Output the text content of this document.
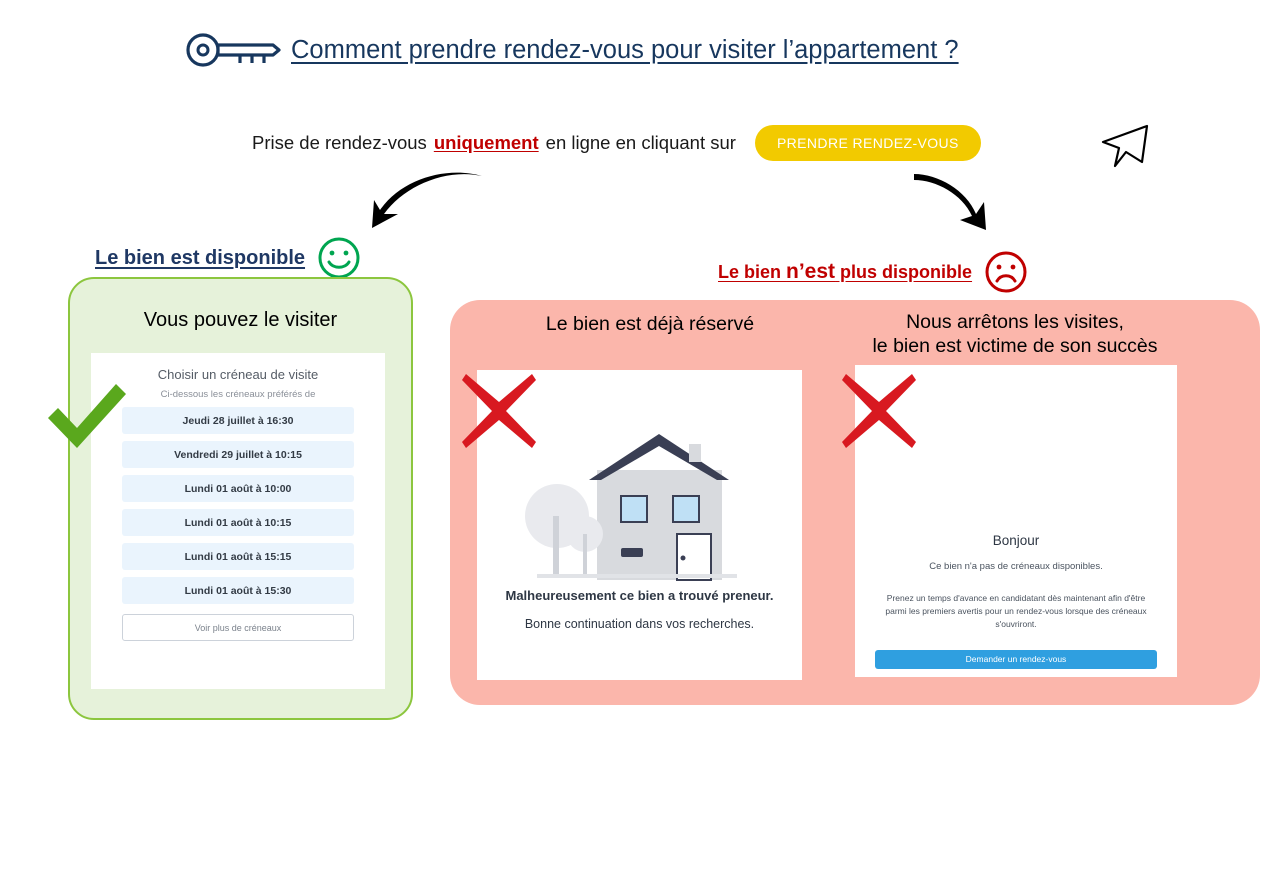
Comment prendre rendez-vous pour visiter l’appartement ?
Prise de rendez-vous uniquement en ligne en cliquant sur	PRENDRE RENDEZ-VOUS
Le bien est disponible
Le bien n’est plus disponible
Vous pouvez le visiter	Le bien est déjà réservé	Nous arrêtons les visites,
le bien est victime de son succès
Choisir un créneau de visite
Ci-dessous les créneaux préférés de
Jeudi 28 juillet à 16:30
Vendredi 29 juillet à 10:15
Lundi 01 août à 10:00
Lundi 01 août à 10:15
Lundi 01 août à 15:15
Lundi 01 août à 15:30
Voir plus de créneaux
Malheureusement ce bien a trouvé preneur.
Bonne continuation dans vos recherches.
Bonjour
Ce bien n'a pas de créneaux disponibles.
Prenez un temps d'avance en candidatant dès maintenant afin d'être parmi les premiers avertis pour un rendez-vous lorsque des créneaux s'ouvriront.
Demander un rendez-vous
